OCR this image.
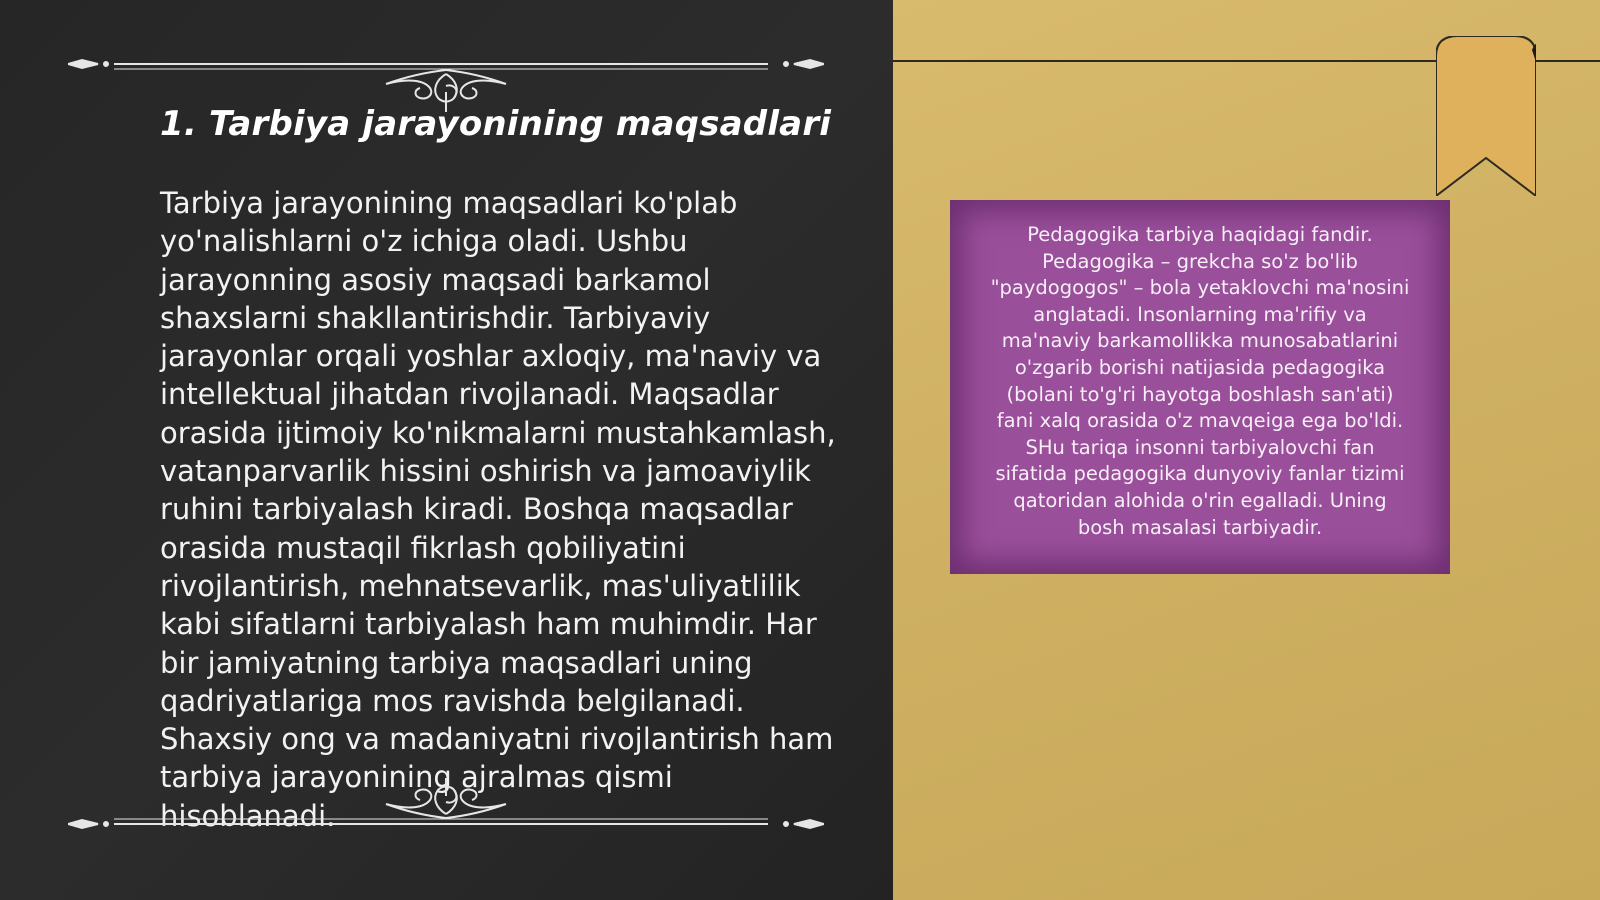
1. Tarbiya jarayonining maqsadlari

Tarbiya jarayonining maqsadlari ko'plab yo'nalishlarni o'z ichiga oladi. Ushbu jarayonning asosiy maqsadi barkamol shaxslarni shakllantirishdir. Tarbiyaviy jarayonlar orqali yoshlar axloqiy, ma'naviy va intellektual jihatdan rivojlanadi. Maqsadlar orasida ijtimoiy ko'nikmalarni mustahkamlash, vatanparvarlik hissini oshirish va jamoaviylik ruhini tarbiyalash kiradi. Boshqa maqsadlar orasida mustaqil fikrlash qobiliyatini rivojlantirish, mehnatsevarlik, mas'uliyatlilik kabi sifatlarni tarbiyalash ham muhimdir. Har bir jamiyatning tarbiya maqsadlari uning qadriyatlariga mos ravishda belgilanadi. Shaxsiy ong va madaniyatni rivojlantirish ham tarbiya jarayonining ajralmas qismi hisoblanadi.

Pedagogika tarbiya haqidagi fandir. Pedagogika – grekcha so'z bo'lib "paydogogos" – bola yetaklovchi ma'nosini anglatadi. Insonlarning ma'rifiy va ma'naviy barkamollikka munosabatlarini o'zgarib borishi natijasida pedagogika (bolani to'g'ri hayotga boshlash san'ati) fani xalq orasida o'z mavqeiga ega bo'ldi. SHu tariqa insonni tarbiyalovchi fan sifatida pedagogika dunyoviy fanlar tizimi qatoridan alohida o'rin egalladi. Uning bosh masalasi tarbiyadir.
